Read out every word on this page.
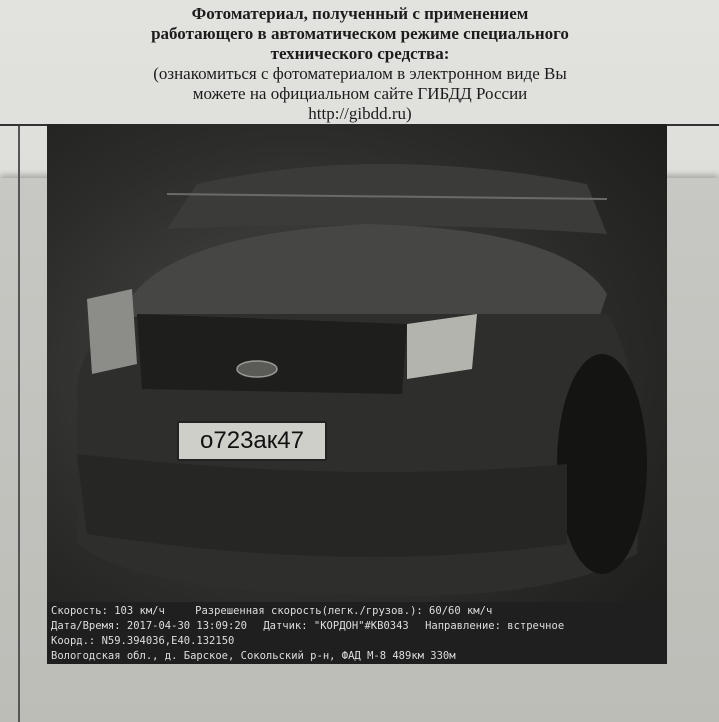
Фотоматериал, полученный с применением
работающего в автоматическом режиме специального
технического средства:
(ознакомиться с фотоматериалом в электронном виде Вы
можете на официальном сайте ГИБДД России
http://gibdd.ru)
о723ак47
Скорость: 103 км/ч	Разрешенная скорость(легк./грузов.): 60/60 км/ч
Дата/Время: 2017-04-30 13:09:20 Датчик: "КОРДОН"#КВ0343 Направление: встречное
Коорд.: N59.394036,E40.132150
Вологодская обл., д. Барское, Сокольский р-н, ФАД М-8 489км 330м
